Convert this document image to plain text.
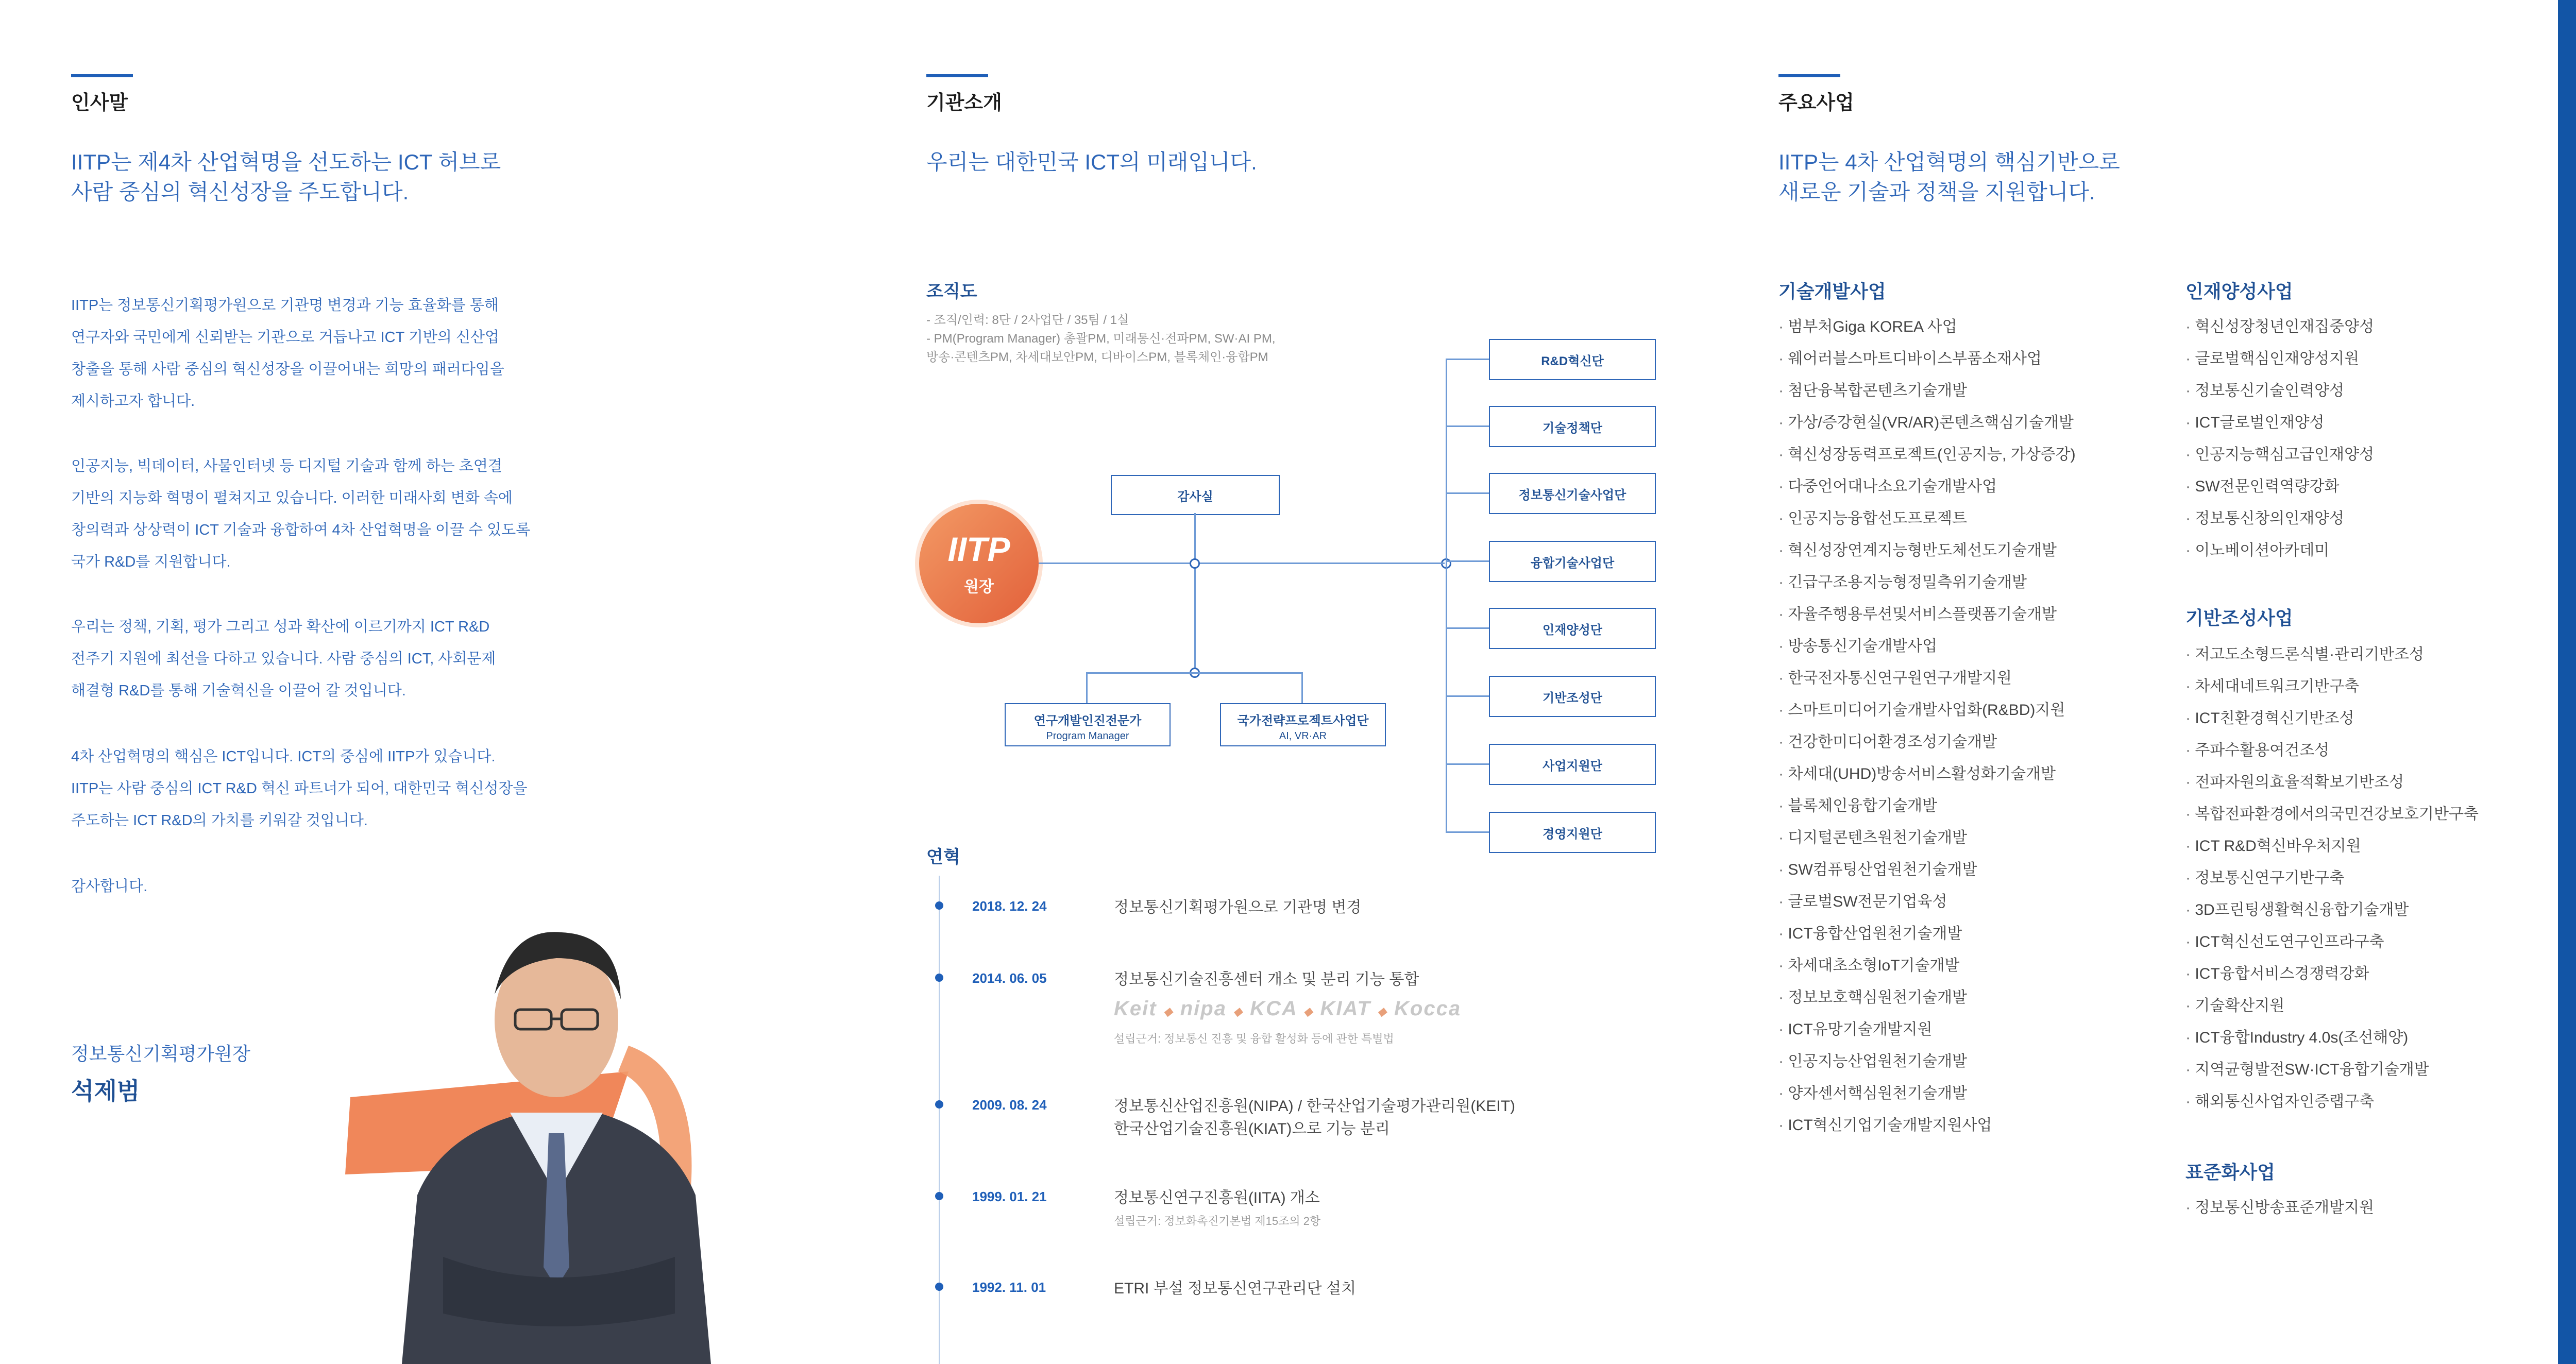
인사말
IITP는 제4차 산업혁명을 선도하는 ICT 허브로
사람 중심의 혁신성장을 주도합니다.
IITP는 정보통신기획평가원으로 기관명 변경과 기능 효율화를 통해
연구자와 국민에게 신뢰받는 기관으로 거듭나고 ICT 기반의 신산업
창출을 통해 사람 중심의 혁신성장을 이끌어내는 희망의 패러다임을
제시하고자 합니다.
인공지능, 빅데이터, 사물인터넷 등 디지털 기술과 함께 하는 초연결
기반의 지능화 혁명이 펼쳐지고 있습니다. 이러한 미래사회 변화 속에
창의력과 상상력이 ICT 기술과 융합하여 4차 산업혁명을 이끌 수 있도록
국가 R&D를 지원합니다.
우리는 정책, 기획, 평가 그리고 성과 확산에 이르기까지 ICT R&D
전주기 지원에 최선을 다하고 있습니다. 사람 중심의 ICT, 사회문제
해결형 R&D를 통해 기술혁신을 이끌어 갈 것입니다.
4차 산업혁명의 핵심은 ICT입니다. ICT의 중심에 IITP가 있습니다.
IITP는 사람 중심의 ICT R&D 혁신 파트너가 되어, 대한민국 혁신성장을
주도하는 ICT R&D의 가치를 키워갈 것입니다.
감사합니다.
정보통신기획평가원장
석제범
기관소개
우리는 대한민국 ICT의 미래입니다.
조직도
- 조직/인력: 8단 / 2사업단 / 35팀 / 1실
- PM(Program Manager) 총괄PM, 미래통신·전파PM, SW·AI PM,
방송·콘텐츠PM, 차세대보안PM, 디바이스PM, 블록체인·융합PM
IITP
원장
감사실
연구개발인진전문가
Program Manager
국가전략프로젝트사업단
AI, VR·AR
R&D혁신단
기술정책단
정보통신기술사업단
융합기술사업단
인재양성단
기반조성단
사업지원단
경영지원단
연혁
2018. 12. 24	정보통신기획평가원으로 기관명 변경
2014. 06. 05	정보통신기술진흥센터 개소 및 분리 기능 통합
Keit ◆ nipa ◆ KCA ◆ KIAT ◆ Kocca
설립근거: 정보통신 진흥 및 융합 활성화 등에 관한 특별법
2009. 08. 24	정보통신산업진흥원(NIPA) / 한국산업기술평가관리원(KEIT)
한국산업기술진흥원(KIAT)으로 기능 분리
1999. 01. 21	정보통신연구진흥원(IITA) 개소
설립근거: 정보화촉진기본법 제15조의 2항
1992. 11. 01	ETRI 부설 정보통신연구관리단 설치
주요사업
IITP는 4차 산업혁명의 핵심기반으로
새로운 기술과 정책을 지원합니다.
기술개발사업
· 범부처Giga KOREA 사업
· 웨어러블스마트디바이스부품소재사업
· 첨단융복합콘텐츠기술개발
· 가상/증강현실(VR/AR)콘텐츠핵심기술개발
· 혁신성장동력프로젝트(인공지능, 가상증강)
· 다중언어대나소요기술개발사업
· 인공지능융합선도프로젝트
· 혁신성장연계지능형반도체선도기술개발
· 긴급구조용지능형정밀측위기술개발
· 자율주행용루션및서비스플랫폼기술개발
· 방송통신기술개발사업
· 한국전자통신연구원연구개발지원
· 스마트미디어기술개발사업화(R&BD)지원
· 건강한미디어환경조성기술개발
· 차세대(UHD)방송서비스활성화기술개발
· 블록체인융합기술개발
· 디지털콘텐츠원천기술개발
· SW컴퓨팅산업원천기술개발
· 글로벌SW전문기업육성
· ICT융합산업원천기술개발
· 차세대초소형IoT기술개발
· 정보보호핵심원천기술개발
· ICT유망기술개발지원
· 인공지능산업원천기술개발
· 양자센서핵심원천기술개발
· ICT혁신기업기술개발지원사업
인재양성사업
· 혁신성장청년인재집중양성
· 글로벌핵심인재양성지원
· 정보통신기술인력양성
· ICT글로벌인재양성
· 인공지능핵심고급인재양성
· SW전문인력역량강화
· 정보통신창의인재양성
· 이노베이션아카데미
기반조성사업
· 저고도소형드론식별·관리기반조성
· 차세대네트워크기반구축
· ICT친환경혁신기반조성
· 주파수활용여건조성
· 전파자원의효율적확보기반조성
· 복합전파환경에서의국민건강보호기반구축
· ICT R&D혁신바우처지원
· 정보통신연구기반구축
· 3D프린팅생활혁신융합기술개발
· ICT혁신선도연구인프라구축
· ICT융합서비스경쟁력강화
· 기술확산지원
· ICT융합Industry 4.0s(조선해양)
· 지역균형발전SW·ICT융합기술개발
· 해외통신사업자인증랩구축
표준화사업
· 정보통신방송표준개발지원
